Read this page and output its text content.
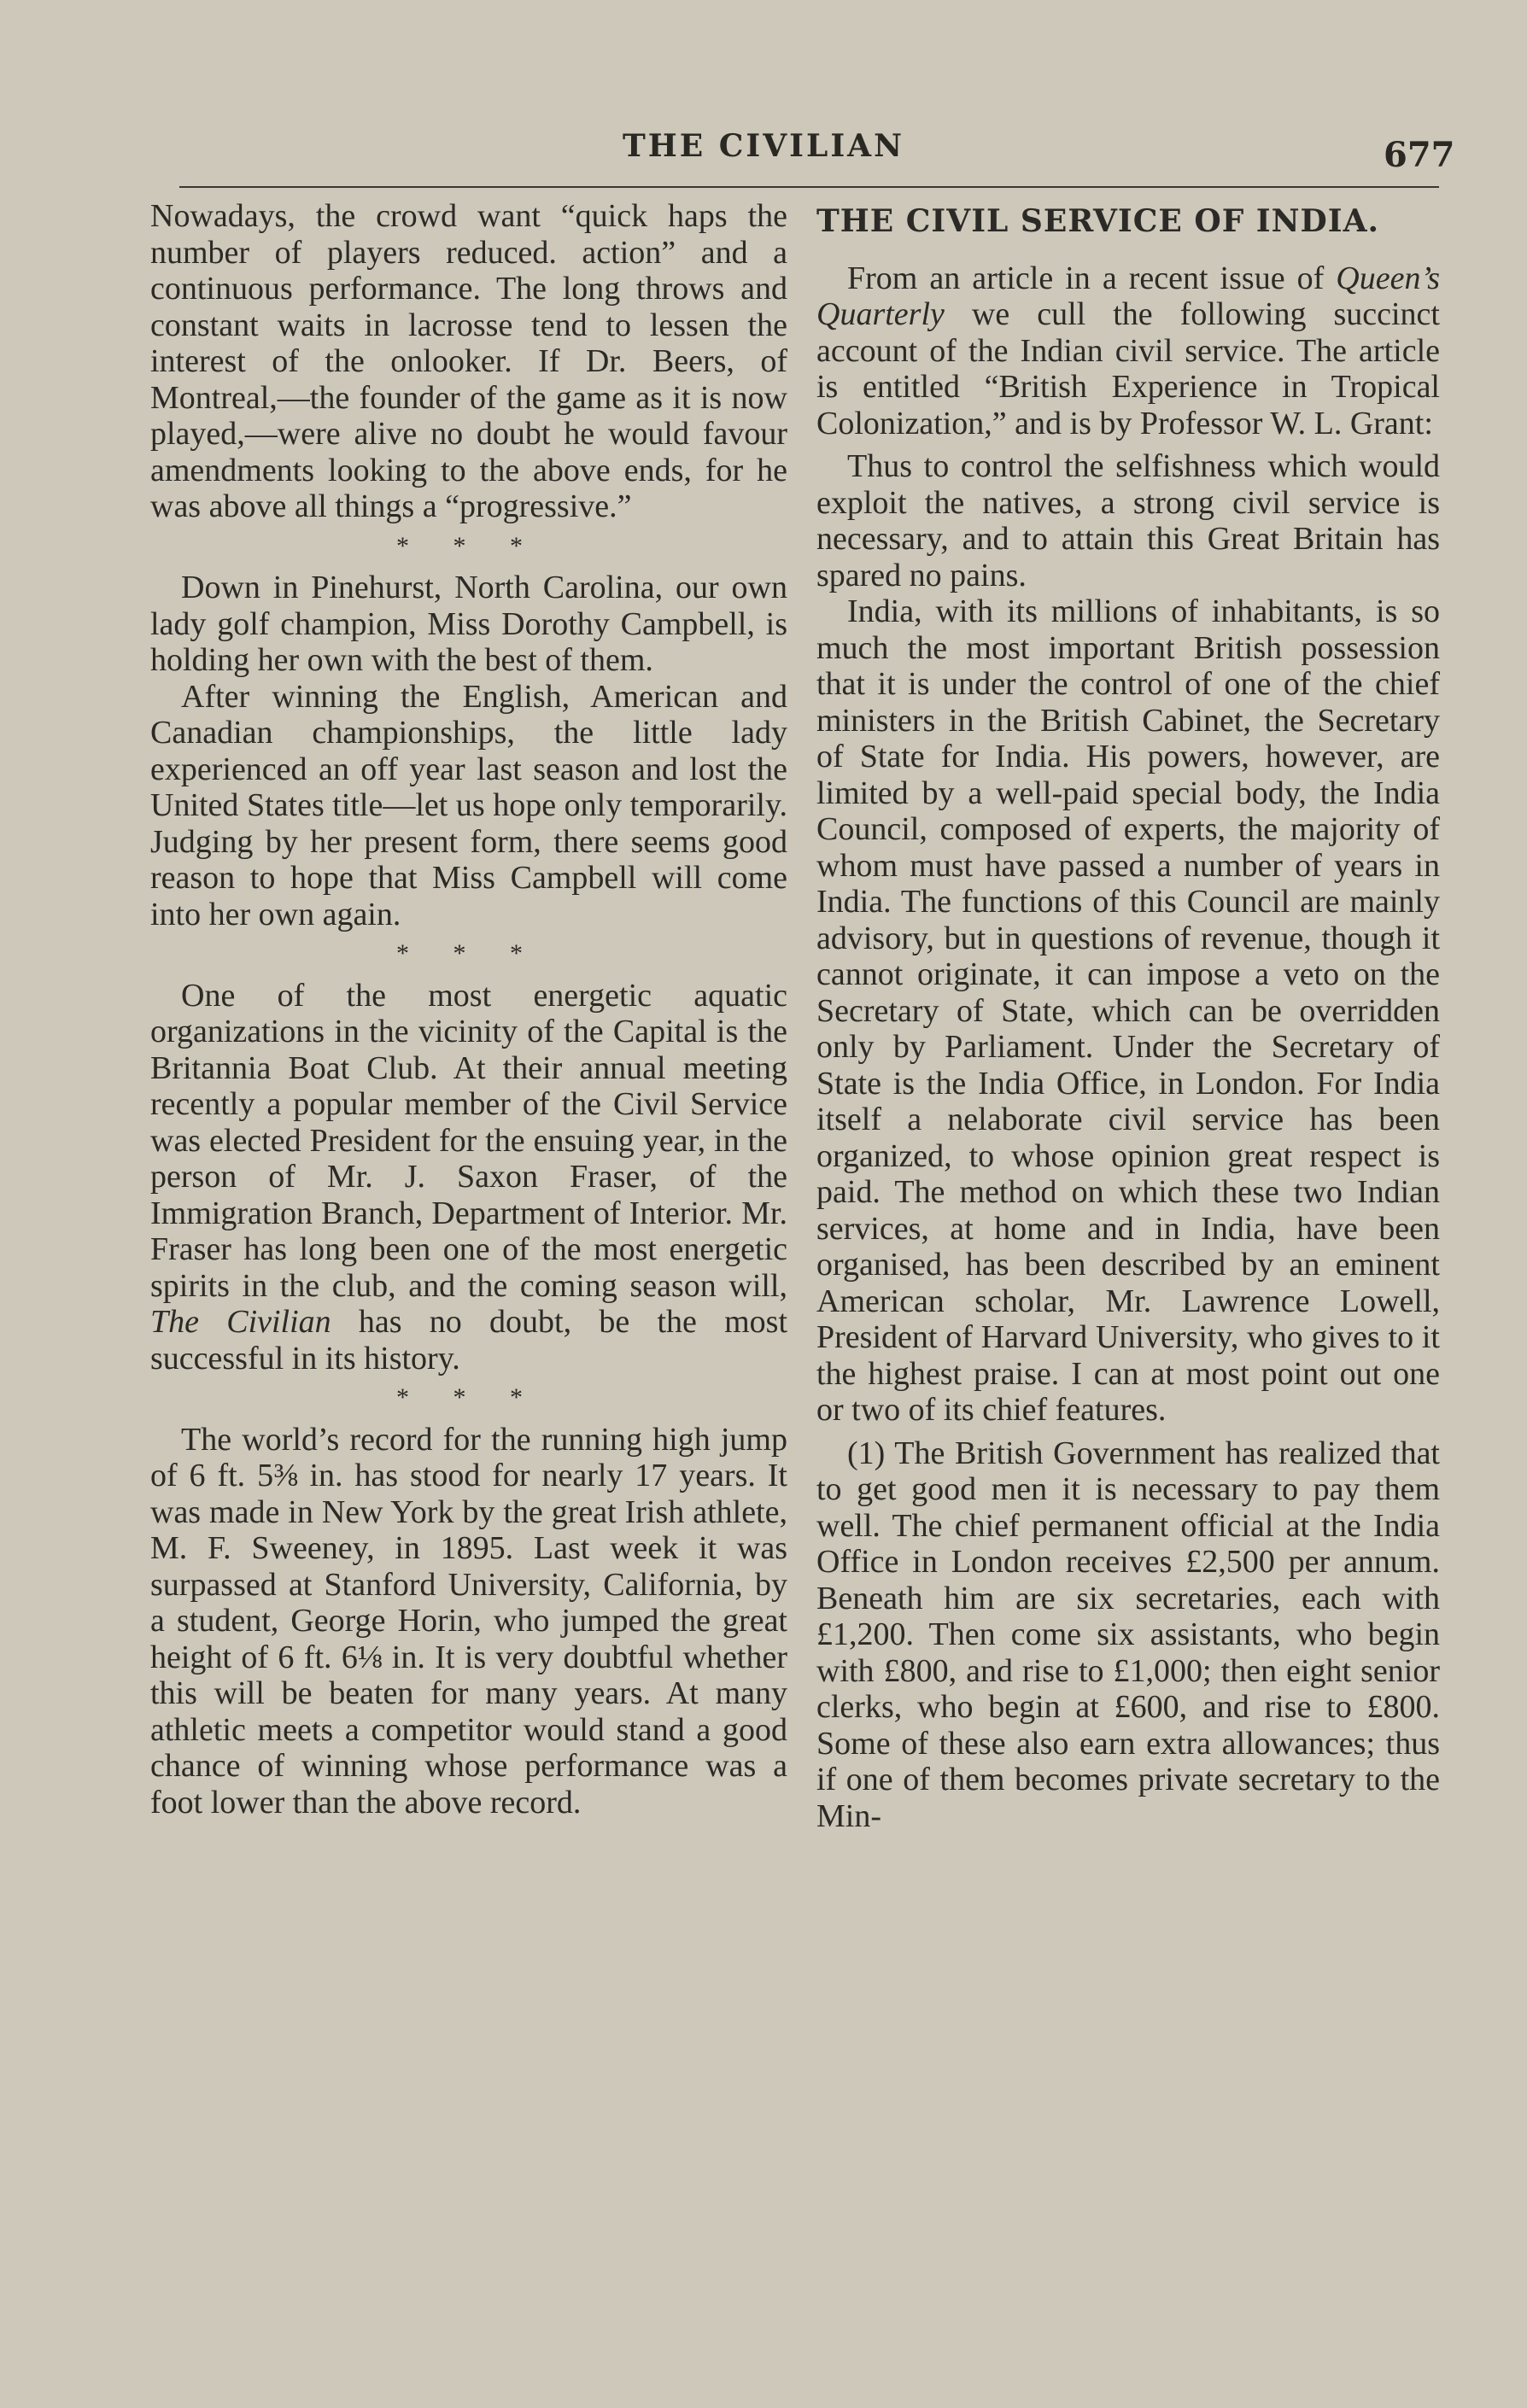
THE CIVILIAN	677

Nowadays, the crowd want “quick haps the number of players reduced. action” and a continuous performance. The long throws and constant waits in lacrosse tend to lessen the interest of the onlooker. If Dr. Beers, of Montreal,—the founder of the game as it is now played,—were alive no doubt he would favour amendments looking to the above ends, for he was above all things a “progressive.”

* * *

Down in Pinehurst, North Carolina, our own lady golf champion, Miss Dorothy Campbell, is holding her own with the best of them.

After winning the English, American and Canadian championships, the little lady experienced an off year last season and lost the United States title—let us hope only temporarily. Judging by her present form, there seems good reason to hope that Miss Campbell will come into her own again.

* * *

One of the most energetic aquatic organizations in the vicinity of the Capital is the Britannia Boat Club. At their annual meeting recently a popular member of the Civil Service was elected President for the ensuing year, in the person of Mr. J. Saxon Fraser, of the Immigration Branch, Department of Interior. Mr. Fraser has long been one of the most energetic spirits in the club, and the coming season will, The Civilian has no doubt, be the most successful in its history.

* * *

The world’s record for the running high jump of 6 ft. 5⅜ in. has stood for nearly 17 years. It was made in New York by the great Irish athlete, M. F. Sweeney, in 1895. Last week it was surpassed at Stanford University, California, by a student, George Horin, who jumped the great height of 6 ft. 6⅛ in. It is very doubtful whether this will be beaten for many years. At many athletic meets a competitor would stand a good chance of winning whose performance was a foot lower than the above record.

THE CIVIL SERVICE OF INDIA.

From an article in a recent issue of Queen’s Quarterly we cull the following succinct account of the Indian civil service. The article is entitled “British Experience in Tropical Colonization,” and is by Professor W. L. Grant:

Thus to control the selfishness which would exploit the natives, a strong civil service is necessary, and to attain this Great Britain has spared no pains.

India, with its millions of inhabitants, is so much the most important British possession that it is under the control of one of the chief ministers in the British Cabinet, the Secretary of State for India. His powers, however, are limited by a well-paid special body, the India Council, composed of experts, the majority of whom must have passed a number of years in India. The functions of this Council are mainly advisory, but in questions of revenue, though it cannot originate, it can impose a veto on the Secretary of State, which can be overridden only by Parliament. Under the Secretary of State is the India Office, in London. For India itself a nelaborate civil service has been organized, to whose opinion great respect is paid. The method on which these two Indian services, at home and in India, have been organised, has been described by an eminent American scholar, Mr. Lawrence Lowell, President of Harvard University, who gives to it the highest praise. I can at most point out one or two of its chief features.

(1) The British Government has realized that to get good men it is necessary to pay them well. The chief permanent official at the India Office in London receives £2,500 per annum. Beneath him are six secretaries, each with £1,200. Then come six assistants, who begin with £800, and rise to £1,000; then eight senior clerks, who begin at £600, and rise to £800. Some of these also earn extra allowances; thus if one of them becomes private secretary to the Min-
